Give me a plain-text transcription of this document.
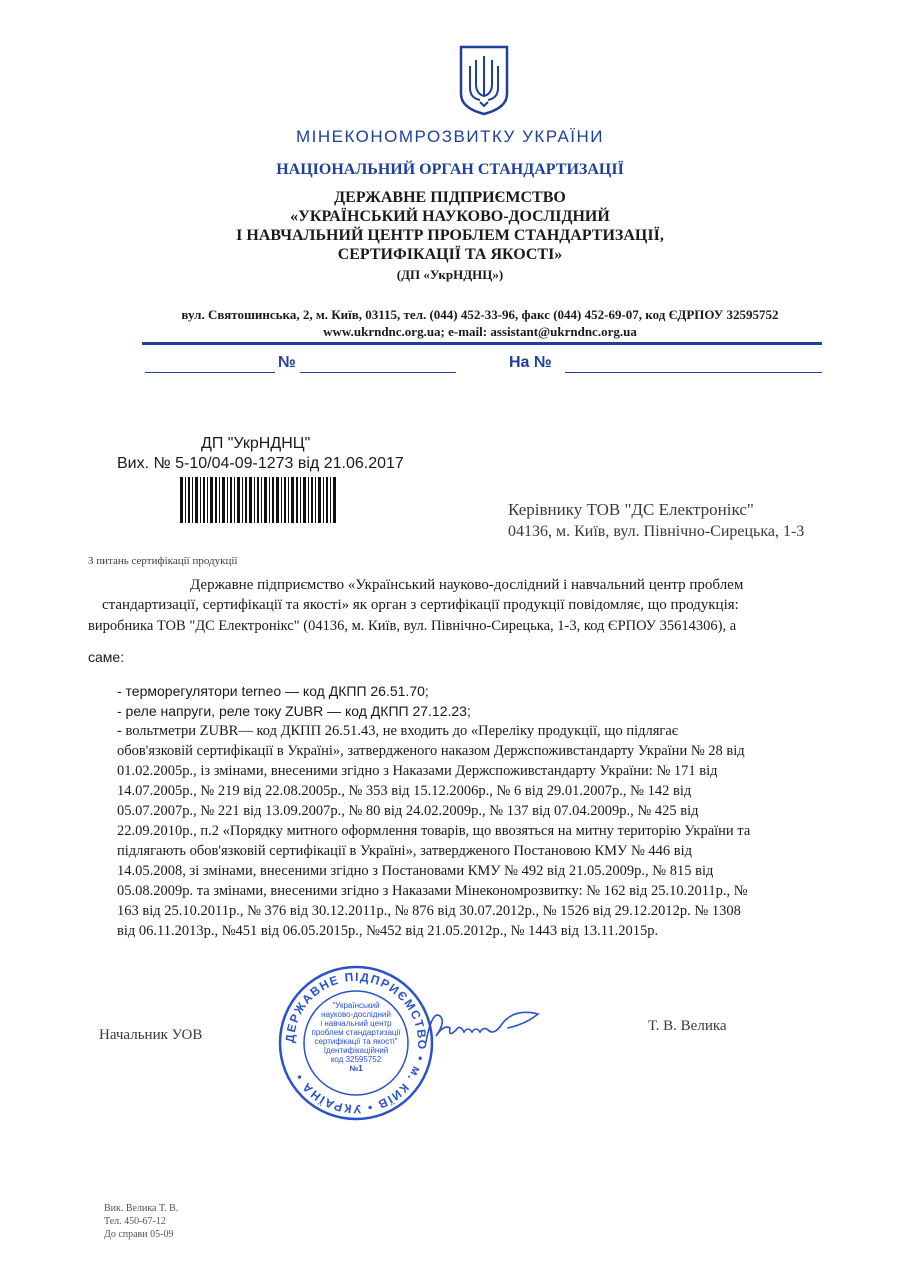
МІНЕКОНОМРОЗВИТКУ УКРАЇНИ
НАЦІОНАЛЬНИЙ ОРГАН СТАНДАРТИЗАЦІЇ
ДЕРЖАВНЕ ПІДПРИЄМСТВО
«УКРАЇНСЬКИЙ НАУКОВО-ДОСЛІДНИЙ
І НАВЧАЛЬНИЙ ЦЕНТР ПРОБЛЕМ СТАНДАРТИЗАЦІЇ,
СЕРТИФІКАЦІЇ ТА ЯКОСТІ»
(ДП «УкрНДНЦ»)
вул. Святошинська, 2, м. Київ, 03115, тел. (044) 452-33-96, факс (044) 452-69-07, код ЄДРПОУ 32595752
www.ukrndnc.org.ua; e-mail: assistant@ukrndnc.org.ua
№	На №
ДП "УкрНДНЦ"
Вих. № 5-10/04-09-1273 від 21.06.2017
Керівнику ТОВ "ДС Електронікс"
04136, м. Київ, вул. Північно-Сирецька, 1-3
З питань сертифікації продукції
Державне підприємство «Український науково-дослідний і навчальний центр проблем
стандартизації, сертифікації та якості» як орган з сертифікації продукції повідомляє, що продукція:
виробника ТОВ "ДС Електронікс" (04136, м. Київ, вул. Північно-Сирецька, 1-3, код ЄРПОУ 35614306), а
саме:
- терморегулятори terneo — код ДКПП 26.51.70;
- реле напруги, реле току ZUBR — код ДКПП 27.12.23;
- вольтметри ZUBR— код ДКПП 26.51.43, не входить до «Переліку продукції, що підлягає
обов'язковій сертифікації в Україні», затвердженого наказом Держспоживстандарту України № 28 від
01.02.2005р., із змінами, внесеними згідно з Наказами Держспоживстандарту України: № 171 від
14.07.2005р., № 219 від 22.08.2005р., № 353 від 15.12.2006р., № 6 від 29.01.2007р., № 142 від
05.07.2007р., № 221 від 13.09.2007р., № 80 від 24.02.2009р., № 137 від 07.04.2009р., № 425 від
22.09.2010р., п.2 «Порядку митного оформлення товарів, що ввозяться на митну територію України та
підлягають обов'язковій сертифікації в Україні», затвердженого Постановою КМУ № 446 від
14.05.2008, зі змінами, внесеними згідно з Постановами КМУ № 492 від 21.05.2009р., № 815 від
05.08.2009р. та змінами, внесеними згідно з Наказами Мінекономрозвитку: № 162 від 25.10.2011р., №
163 від 25.10.2011р., № 376 від 30.12.2011р., № 876 від 30.07.2012р., № 1526 від 29.12.2012р. № 1308
від 06.11.2013р., №451 від 06.05.2015р., №452 від 21.05.2012р., № 1443 від 13.11.2015р.
ДЕРЖАВНЕ ПІДПРИЄМСТВО • м. КИЇВ • УКРАЇНА •
"Український
науково-дослідний
і навчальний центр
проблем стандартизації
сертифікації та якості"
Ідентифікаційний
код 32595752
№1
Начальник УОВ
Т. В. Велика
Вик. Велика Т. В.
Тел. 450-67-12
До справи 05-09
